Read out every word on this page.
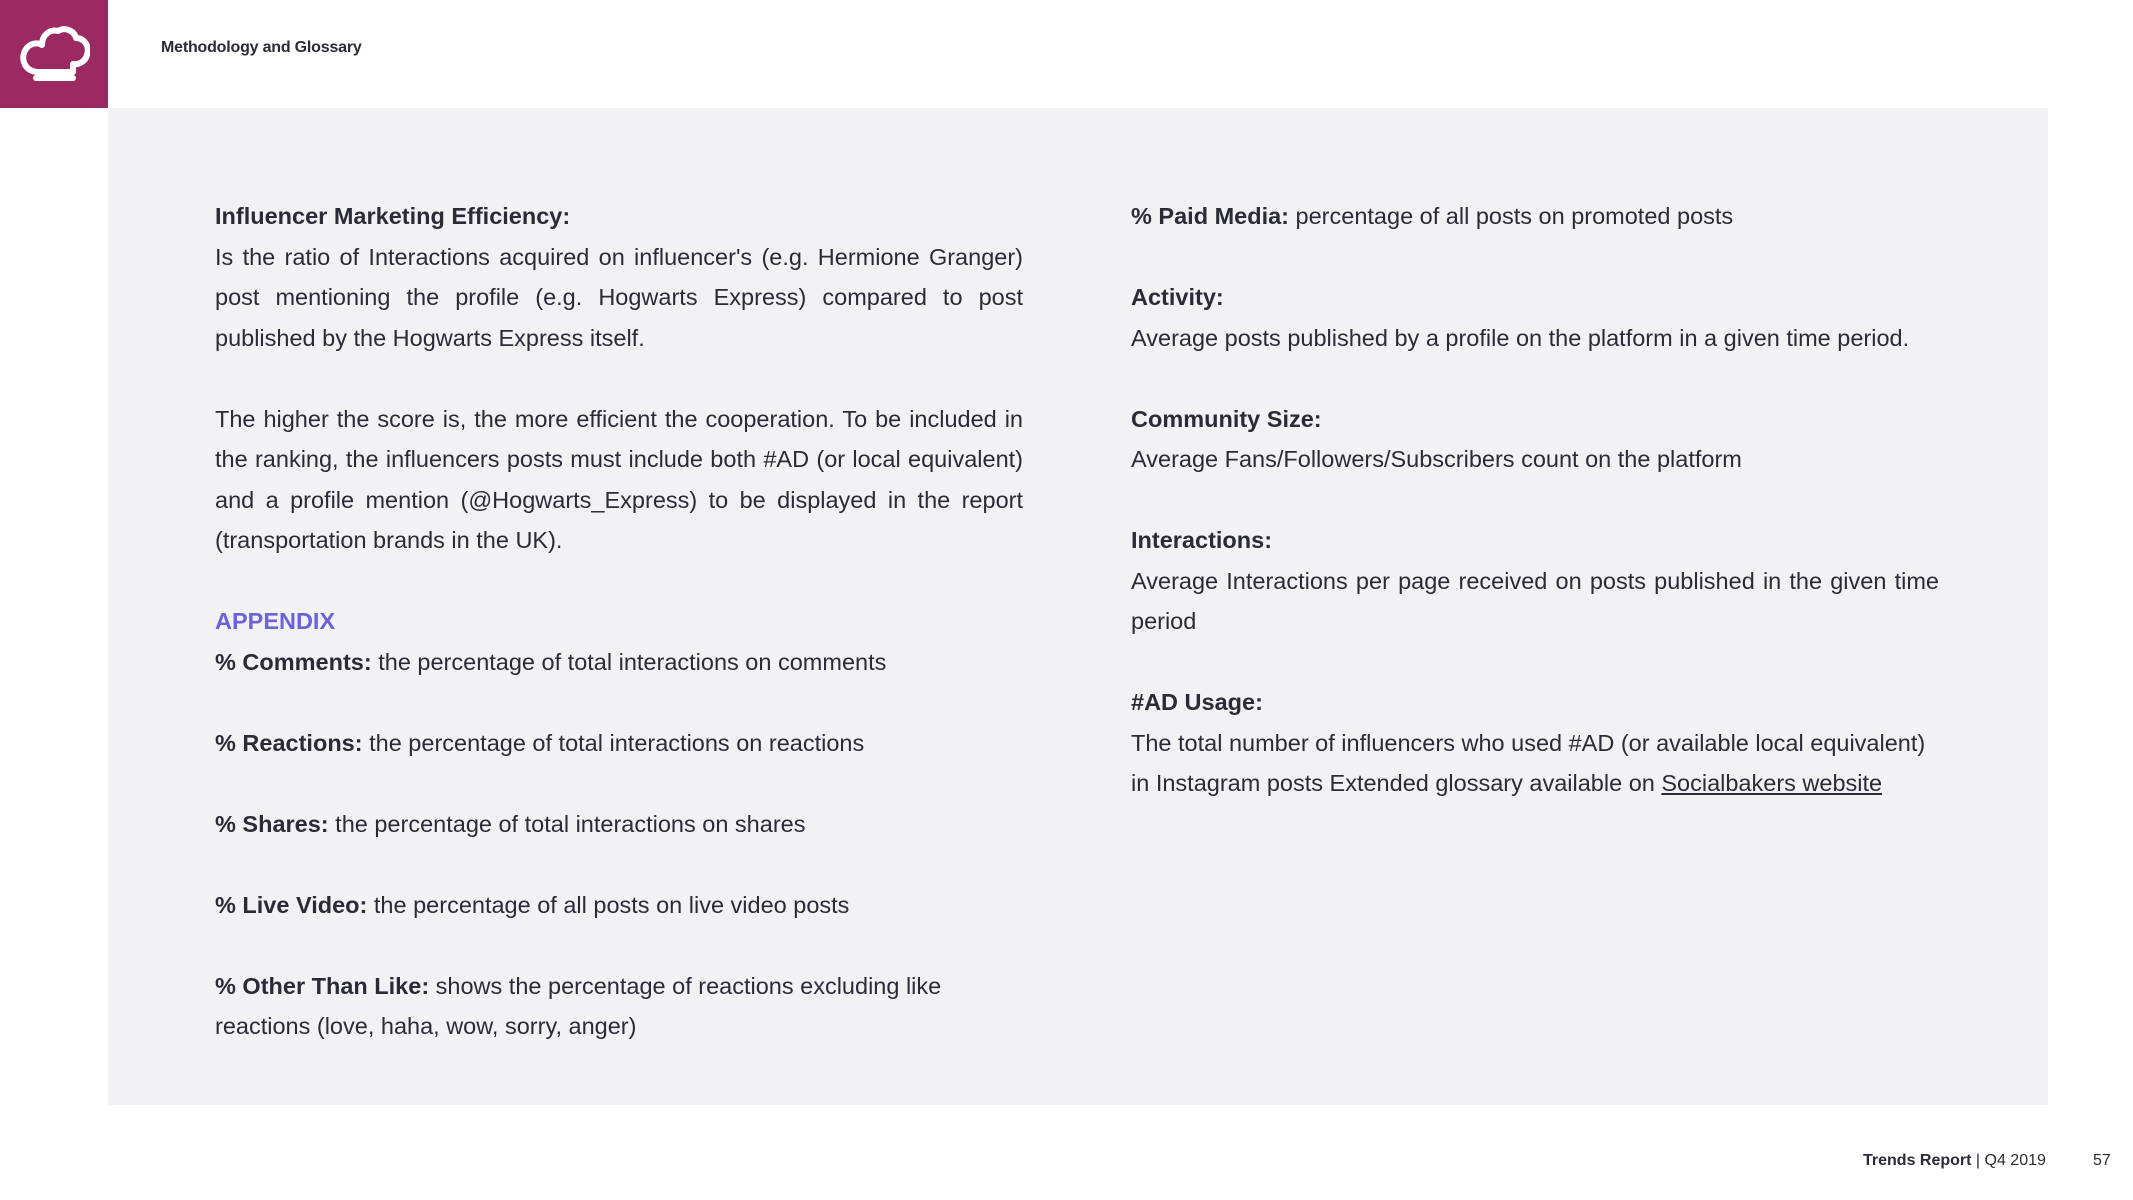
Methodology and Glossary
Influencer Marketing Efficiency:
Is the ratio of Interactions acquired on influencer's (e.g. Hermione Granger) post mentioning the profile (e.g. Hogwarts Express) compared to post published by the Hogwarts Express itself.
The higher the score is, the more efficient the cooperation. To be included in the ranking, the influencers posts must include both #AD (or local equivalent) and a profile mention (@Hogwarts_Express) to be displayed in the report (transportation brands in the UK).
APPENDIX
% Comments: the percentage of total interactions on comments
% Reactions: the percentage of total interactions on reactions
% Shares: the percentage of total interactions on shares
% Live Video: the percentage of all posts on live video posts
% Other Than Like: shows the percentage of reactions excluding like reactions (love, haha, wow, sorry, anger)
% Paid Media: percentage of all posts on promoted posts
Activity:
Average posts published by a profile on the platform in a given time period.
Community Size:
Average Fans/Followers/Subscribers count on the platform
Interactions:
Average Interactions per page received on posts published in the given time period
#AD Usage:
The total number of influencers who used #AD (or available local equivalent) in Instagram posts Extended glossary available on Socialbakers website
Trends Report | Q4 2019	57
